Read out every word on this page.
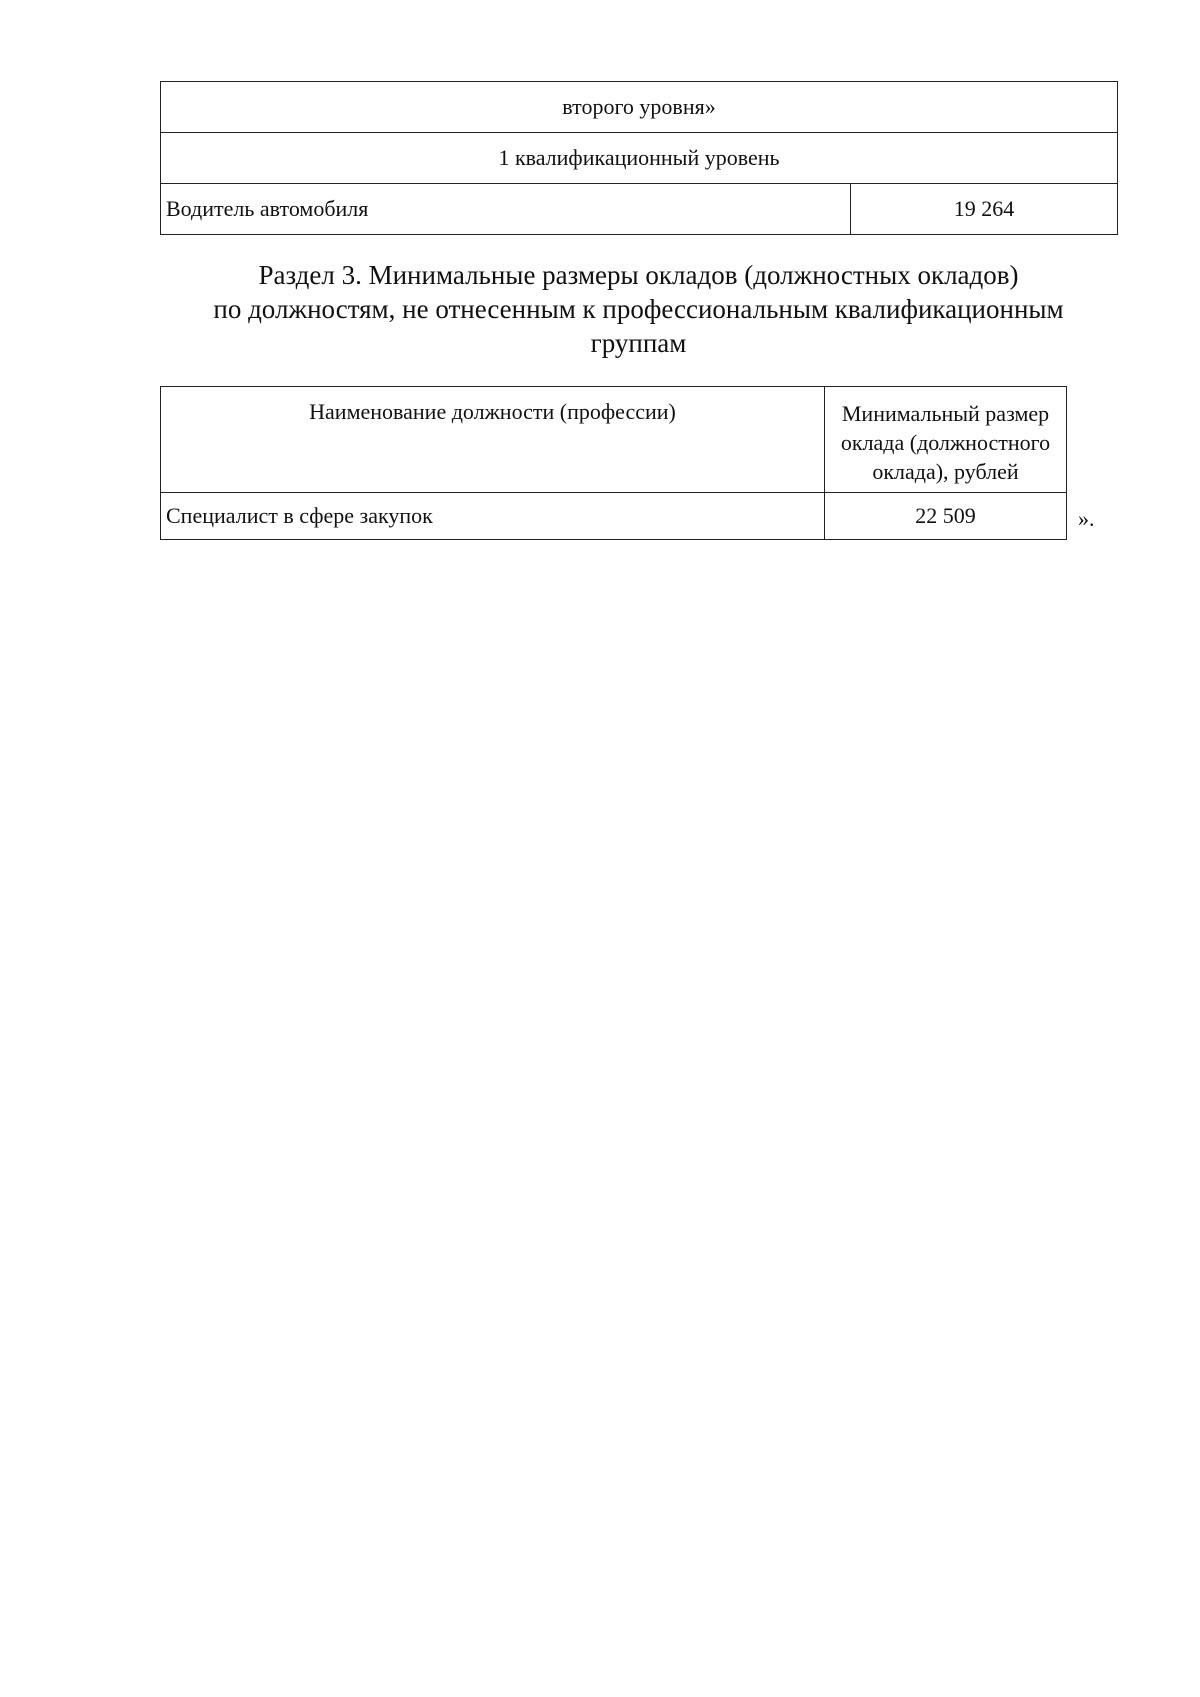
второго уровня»
1 квалификационный уровень
Водитель автомобиля	19 264
Раздел 3. Минимальные размеры окладов (должностных окладов)
по должностям, не отнесенным к профессиональным квалификационным
группам
Наименование должности (профессии)	Минимальный размер
оклада (должностного
оклада), рублей

Специалист в сфере закупок	22 509	».
